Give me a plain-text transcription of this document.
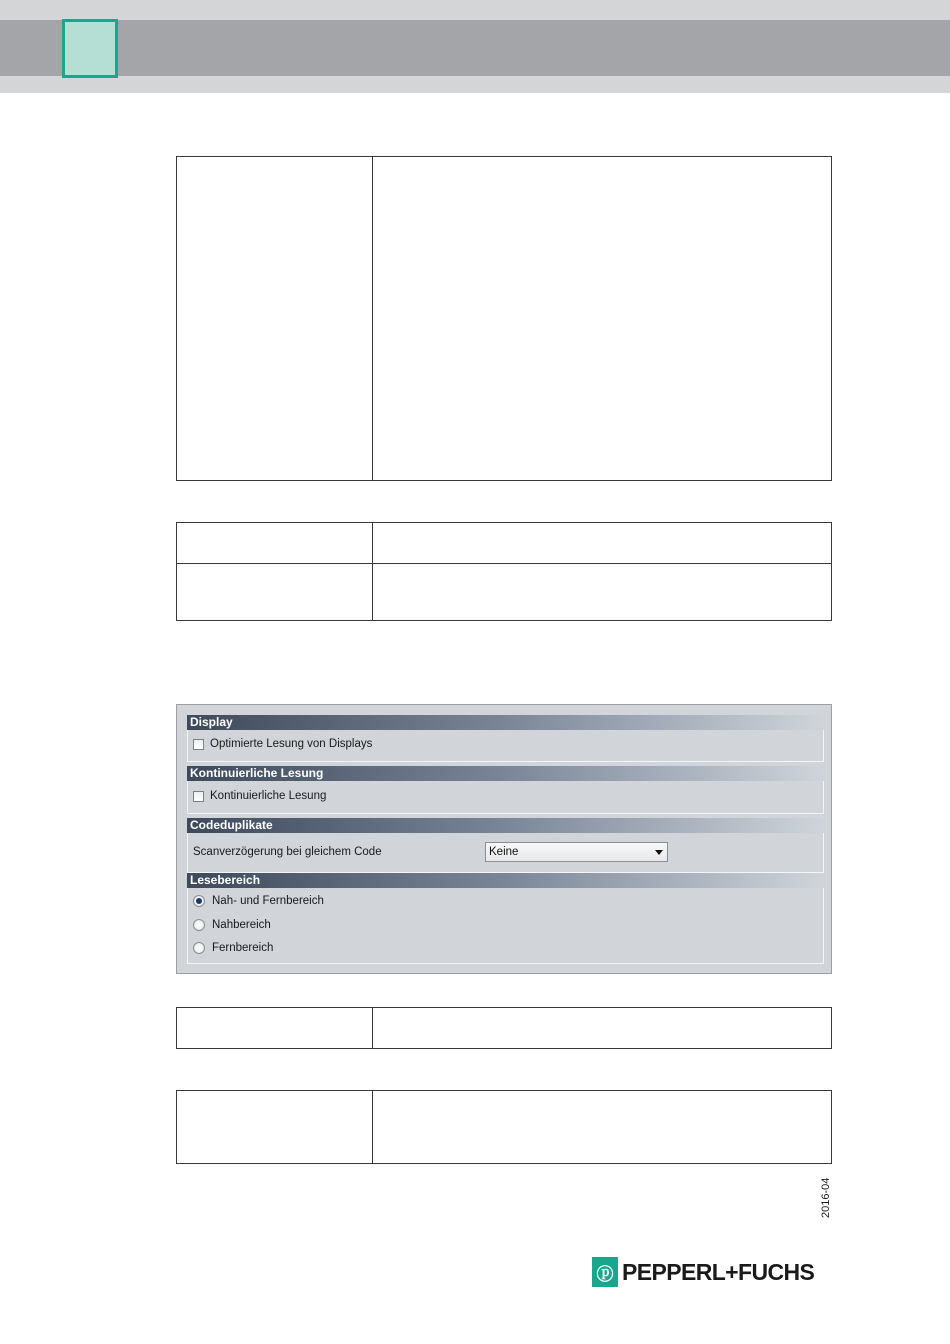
Display
Optimierte Lesung von Displays
Kontinuierliche Lesung
Kontinuierliche Lesung
Codeduplikate
Scanverzögerung bei gleichem Code	Keine
Lesebereich
Nah- und Fernbereich
Nahbereich
Fernbereich

2016-04
ⓟ PEPPERL+FUCHS
